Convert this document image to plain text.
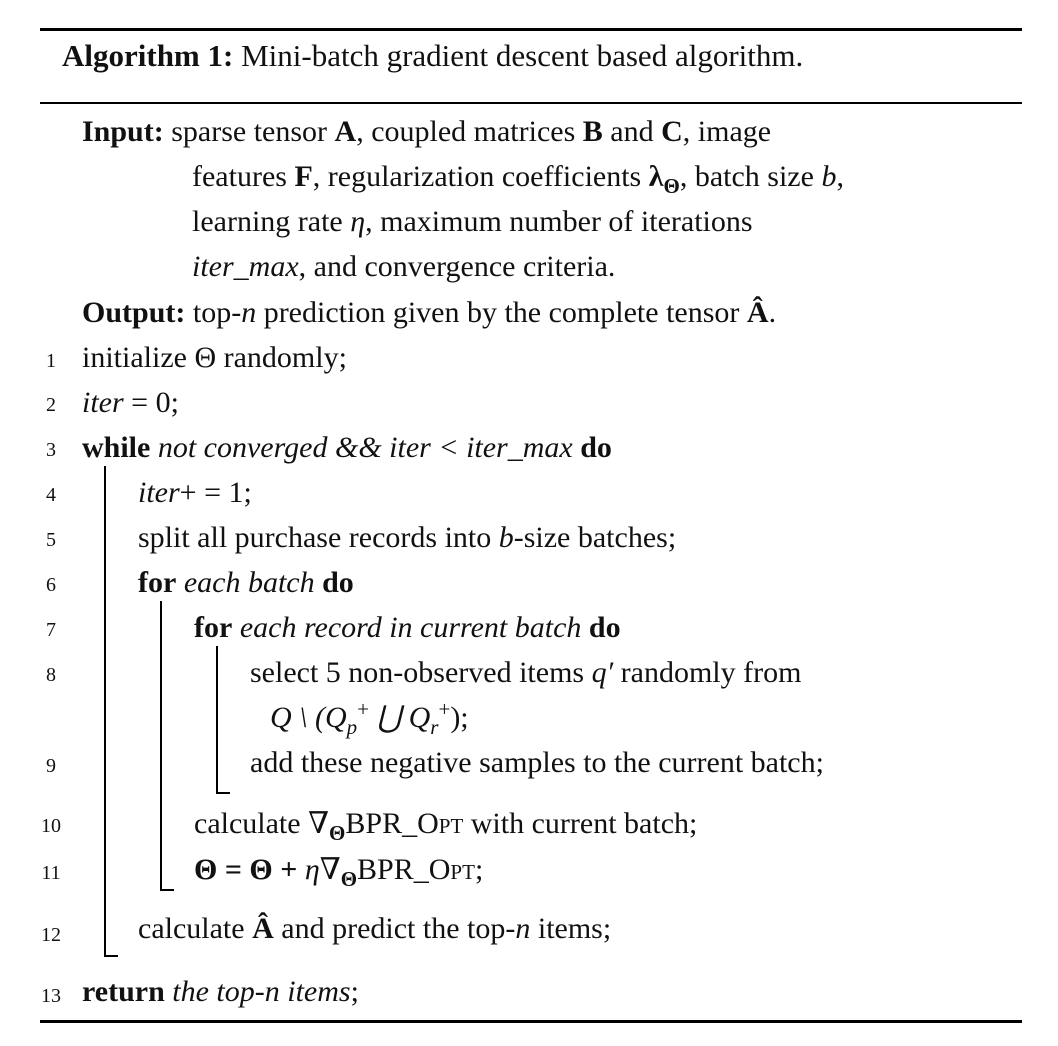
Algorithm 1: Mini-batch gradient descent based algorithm.
Input: sparse tensor A, coupled matrices B and C, image
features F, regularization coefficients $\lambda_\Theta$, batch size b,
learning rate η, maximum number of iterations
iter_max, and convergence criteria.
Output: top-n prediction given by the complete tensor Â.
1 initialize Θ randomly;
2 iter = 0;
3 while not converged && iter < iter_max do
4	iter+ = 1;
5	split all purchase records into b-size batches;
6	for each batch do
7	for each record in current batch do
8	select 5 non-observed items q′ randomly from
Q \ ($Q_p^+$ ⋃ $Q_r^+$);
9	add these negative samples to the current batch;
10	calculate $\nabla_\Theta BPR\_Opt$ with current batch;
11	$\Theta = \Theta + \eta\nabla_\Theta BPR\_Opt$;
12	calculate Â and predict the top-n items;
13 return the top-n items;
